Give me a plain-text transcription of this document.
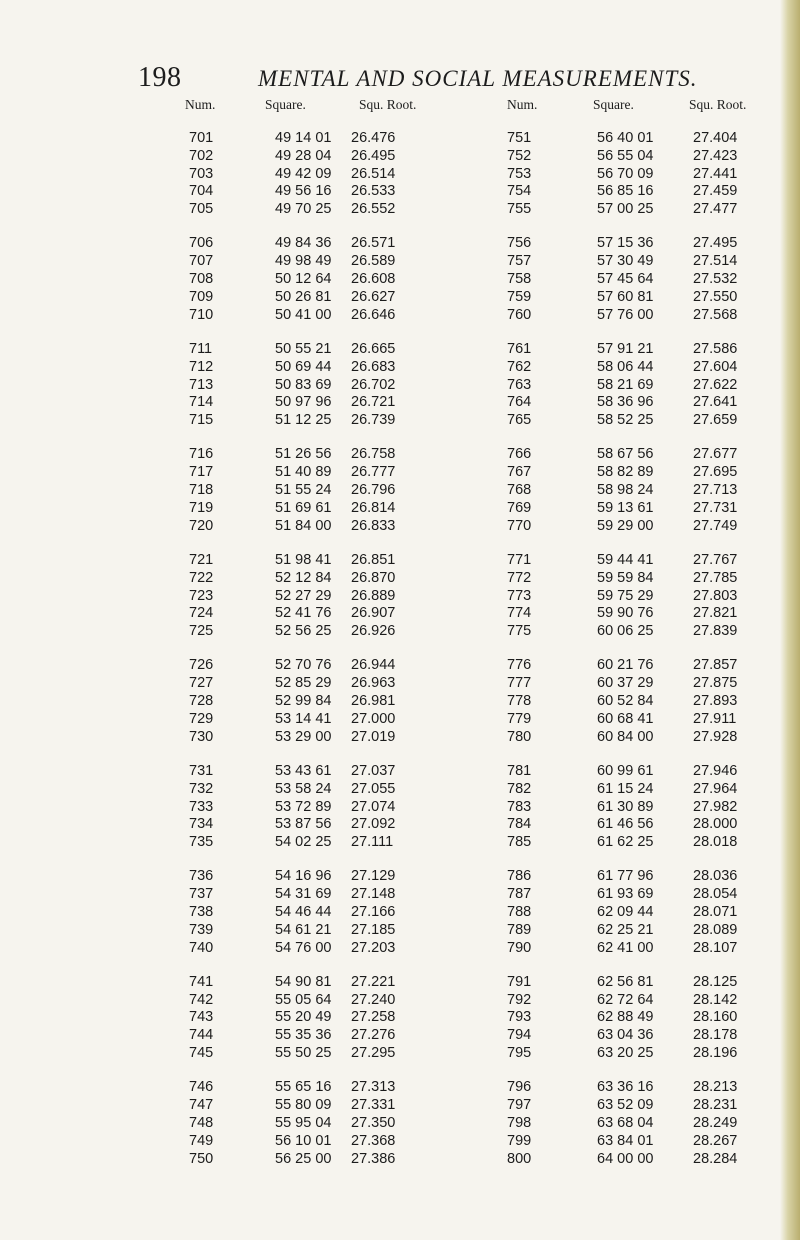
198	MENTAL AND SOCIAL MEASUREMENTS.
Num.	Square.	Squ. Root.	Num.	Square.	Squ. Root.
701	49 14 01 26.476	751	56 40 01	27.404
702	49 28 04 26.495	752	56 55 04	27.423
703	49 42 09 26.514	753	56 70 09	27.441
704	49 56 16 26.533	754	56 85 16	27.459
705	49 70 25 26.552	755	57 00 25	27.477
706	49 84 36 26.571	756	57 15 36	27.495
707	49 98 49 26.589	757	57 30 49	27.514
708	50 12 64 26.608	758	57 45 64	27.532
709	50 26 81 26.627	759	57 60 81	27.550
710	50 41 00 26.646	760	57 76 00	27.568
711	50 55 21 26.665	761	57 91 21	27.586
712	50 69 44 26.683	762	58 06 44	27.604
713	50 83 69 26.702	763	58 21 69	27.622
714	50 97 96 26.721	764	58 36 96	27.641
715	51 12 25 26.739	765	58 52 25	27.659
716	51 26 56 26.758	766	58 67 56	27.677
717	51 40 89 26.777	767	58 82 89	27.695
718	51 55 24 26.796	768	58 98 24	27.713
719	51 69 61 26.814	769	59 13 61	27.731
720	51 84 00 26.833	770	59 29 00	27.749
721	51 98 41 26.851	771	59 44 41	27.767
722	52 12 84 26.870	772	59 59 84	27.785
723	52 27 29 26.889	773	59 75 29	27.803
724	52 41 76 26.907	774	59 90 76	27.821
725	52 56 25 26.926	775	60 06 25	27.839
726	52 70 76 26.944	776	60 21 76	27.857
727	52 85 29 26.963	777	60 37 29	27.875
728	52 99 84 26.981	778	60 52 84	27.893
729	53 14 41 27.000	779	60 68 41	27.911
730	53 29 00 27.019	780	60 84 00	27.928
731	53 43 61 27.037	781	60 99 61	27.946
732	53 58 24 27.055	782	61 15 24	27.964
733	53 72 89 27.074	783	61 30 89	27.982
734	53 87 56 27.092	784	61 46 56	28.000
735	54 02 25 27.111	785	61 62 25	28.018
736	54 16 96 27.129	786	61 77 96	28.036
737	54 31 69 27.148	787	61 93 69	28.054
738	54 46 44 27.166	788	62 09 44	28.071
739	54 61 21 27.185	789	62 25 21	28.089
740	54 76 00 27.203	790	62 41 00	28.107
741	54 90 81 27.221	791	62 56 81	28.125
742	55 05 64 27.240	792	62 72 64	28.142
743	55 20 49 27.258	793	62 88 49	28.160
744	55 35 36 27.276	794	63 04 36	28.178
745	55 50 25 27.295	795	63 20 25	28.196
746	55 65 16 27.313	796	63 36 16	28.213
747	55 80 09 27.331	797	63 52 09	28.231
748	55 95 04 27.350	798	63 68 04	28.249
749	56 10 01 27.368	799	63 84 01	28.267
750	56 25 00 27.386	800	64 00 00	28.284
